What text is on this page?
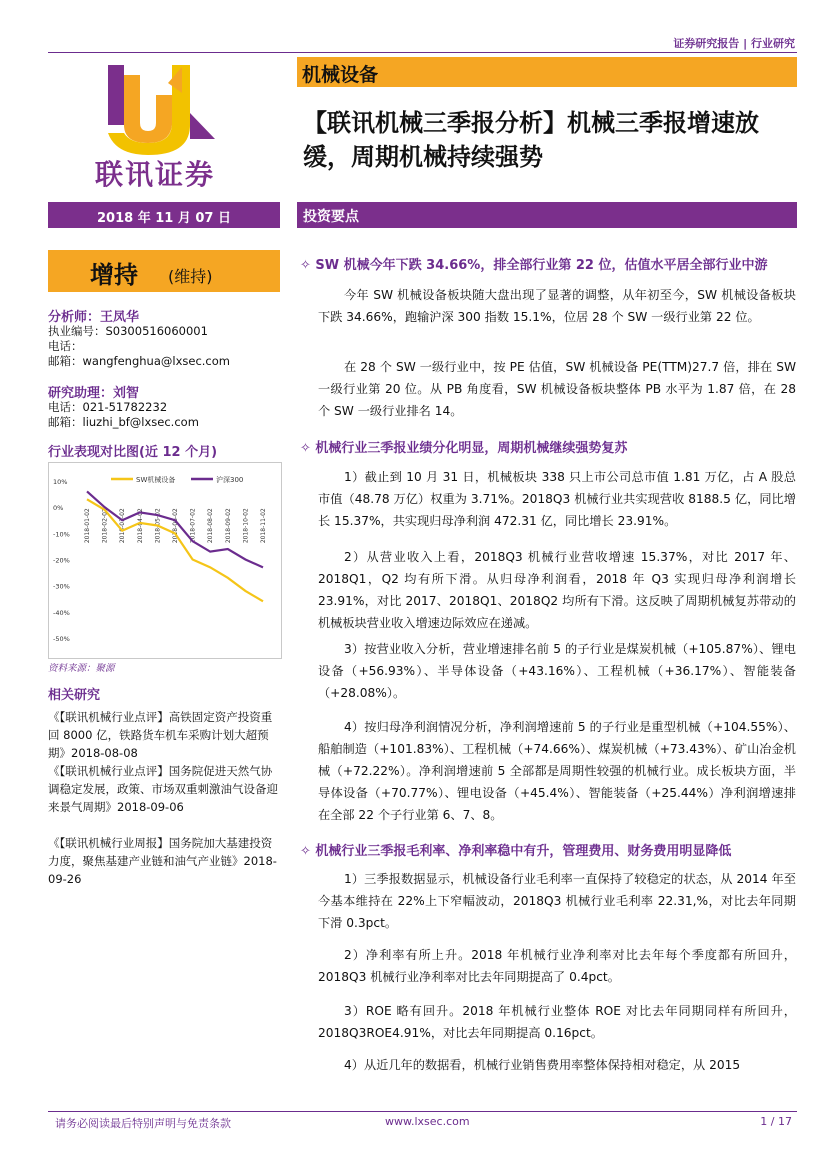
证券研究报告 | 行业研究
联讯证券
机械设备
【联讯机械三季报分析】机械三季报增速放缓，周期机械持续强势
2018 年 11 月 07 日	投资要点
增持 (维持)
分析师：王凤华
执业编号：S0300516060001
电话：
邮箱：wangfenghua@lxsec.com
研究助理：刘智
电话：021-51782232
邮箱：liuzhi_bf@lxsec.com
行业表现对比图(近 12 个月)
10%
0%
-10%
-20%
-30%
-40%
-50%
2018-01-02 2018-02-02 2018-03-02 2018-04-02 2018-05-02 2018-06-02 2018-07-02 2018-08-02 2018-09-02 2018-10-02 2018-11-02
SW机械设备	沪深300
资料来源：聚源
相关研究
《【联讯机械行业点评】高铁固定资产投资重回 8000 亿，铁路货车机车采购计划大超预期》2018-08-08
《【联讯机械行业点评】国务院促进天然气协调稳定发展，政策、市场双重刺激油气设备迎来景气周期》2018-09-06
《【联讯机械行业周报】国务院加大基建投资力度，聚焦基建产业链和油气产业链》2018-09-26
✧ SW 机械今年下跌 34.66%，排全部行业第 22 位，估值水平居全部行业中游
今年 SW 机械设备板块随大盘出现了显著的调整，从年初至今，SW 机械设备板块下跌 34.66%，跑输沪深 300 指数 15.1%，位居 28 个 SW 一级行业第 22 位。
在 28 个 SW 一级行业中，按 PE 估值，SW 机械设备 PE(TTM)27.7 倍，排在 SW 一级行业第 20 位。从 PB 角度看，SW 机械设备板块整体 PB 水平为 1.87 倍，在 28 个 SW 一级行业排名 14。
✧ 机械行业三季报业绩分化明显，周期机械继续强势复苏
1）截止到 10 月 31 日，机械板块 338 只上市公司总市值 1.81 万亿，占 A 股总市值（48.78 万亿）权重为 3.71%。2018Q3 机械行业共实现营收 8188.5 亿，同比增长 15.37%，共实现归母净利润 472.31 亿，同比增长 23.91%。
2）从营业收入上看，2018Q3 机械行业营收增速 15.37%，对比 2017 年、2018Q1，Q2 均有所下滑。从归母净利润看，2018 年 Q3 实现归母净利润增长 23.91%，对比 2017、2018Q1、2018Q2 均所有下滑。这反映了周期机械复苏带动的机械板块营业收入增速边际效应在递减。
3）按营业收入分析，营业增速排名前 5 的子行业是煤炭机械（+105.87%）、锂电设备（+56.93%）、半导体设备（+43.16%）、工程机械（+36.17%）、智能装备（+28.08%）。
4）按归母净利润情况分析，净利润增速前 5 的子行业是重型机械（+104.55%）、船舶制造（+101.83%）、工程机械（+74.66%）、煤炭机械（+73.43%）、矿山冶金机械（+72.22%）。净利润增速前 5 全部都是周期性较强的机械行业。成长板块方面，半导体设备（+70.77%）、锂电设备（+45.4%）、智能装备（+25.44%）净利润增速排在全部 22 个子行业第 6、7、8。
✧ 机械行业三季报毛利率、净利率稳中有升，管理费用、财务费用明显降低
1）三季报数据显示，机械设备行业毛利率一直保持了较稳定的状态，从 2014 年至今基本维持在 22%上下窄幅波动，2018Q3 机械行业毛利率 22.31,%，对比去年同期下滑 0.3pct。
2）净利率有所上升。2018 年机械行业净利率对比去年每个季度都有所回升，2018Q3 机械行业净利率对比去年同期提高了 0.4pct。
3）ROE 略有回升。2018 年机械行业整体 ROE 对比去年同期同样有所回升，2018Q3ROE4.91%，对比去年同期提高 0.16pct。
4）从近几年的数据看，机械行业销售费用率整体保持相对稳定，从 2015
请务必阅读最后特别声明与免责条款	www.lxsec.com	1 / 17
